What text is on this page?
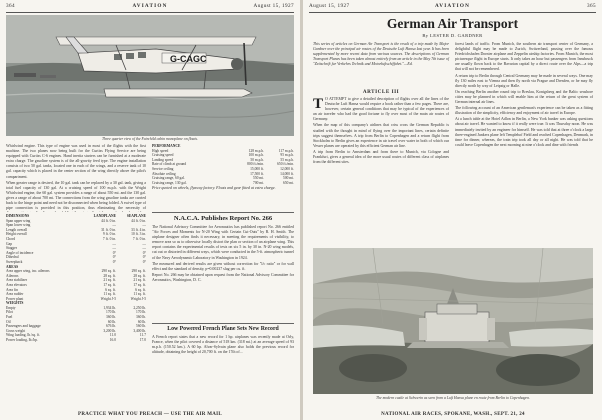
364	AVIATION	August 15, 1927
G-CAGC
Three quarter view of the Fairchild cabin monoplane on floats.

Whirlwind engine. This type of engine was used in most of the flights with the first machine. The two planes now being built for the Curtiss Flying Service are being equipped with Curtiss C-6 engines. Hand inertia starters can be furnished at a moderate extra charge. The gasoline system is of the all-gravity feed type. The engine installation consists of two 50 gal. tanks, located one in each of the wings, and a reserve tank of 10 gal. capacity which is placed in the center section of the wing directly above the pilot's compartment.

When greater range is desired, the 10 gal. tank can be replaced by a 30 gal. tank, giving a total fuel capacity of 130 gal. At a cruising speed of 100 m.p.h. with the Wright Whirlwind engine, the 60 gal. system provides a range of about 550 mi. and the 130 gal. gives a range of about 700 mi. The connections from the wing gasoline tanks are carried back to the hinge point and need not be disconnected when being folded. A swivel type of pipe connection is provided in this position, thus eliminating the necessity of

DIMENSIONS	LANDPLANE	SEAPLANE
Span upper wing	44 ft. 0 in.	44 ft. 0 in.
Span lower wing	—	—
Length overall	31 ft. 0 in.	33 ft. 4 in.
Height overall	9 ft. 0 in.	10 ft. 3 in.
Chord	7 ft. 0 in.	7 ft. 0 in.
Gap	—	—
Stagger	—	—
Angle of incidence	0°	0°
Dihedral	0°	0°
Sweepback	0°	0°
AREAS
Area upper wing, inc. ailerons	290 sq. ft.	290 sq. ft.
Ailerons	28 sq. ft.	28 sq. ft.
Area stabilizer	21 sq. ft.	21 sq. ft.
Area elevators	17 sq. ft.	17 sq. ft.
Area fin	6 sq. ft.	6 sq. ft.
Area rudder	11 sq. ft.	11 sq. ft.
Power plant	Wright J-5	Wright J-5
WEIGHTS
Empty	1,934 lb.	2,250 lb.
Pilot	170 lb.	170 lb.
Fuel	360 lb.	360 lb.
Oil	60 lb.	60 lb.
Passengers and baggage	676 lb.	560 lb.
Gross weight	3,200 lb.	3,400 lb.
Wing loading, lb./sq. ft.	11.0	11.7
Power loading, lb./hp.	16.0	17.0
PERFORMANCE
High speed	128 m.p.h.	117 m.p.h.
Cruising speed	100 m.p.h.	95 m.p.h.
Landing speed	50 m.p.h.	55 m.p.h.
Rate of climb at ground	800 ft./min.	650 ft./min.
Service ceiling	15,000 ft.	12,000 ft.
Absolute ceiling	17,500 ft.	14,000 ft.
Cruising range, 60 gal.	550 mi.	500 mi.
Cruising range, 130 gal.	700 mi.	650 mi.
Price quoted on wheels, flyaway factory. Floats and gear fitted at extra charge.
N.A.C.A. Publishes Report No. 266

The National Advisory Committee for Aeronautics has published report No. 266 entitled "Air Forces and Moments for N-20 Wing with Certain Cut-Outs" by R. H. Smith. The airplane designer often finds it necessary, in meeting the requirements of visibility, to remove area so as to otherwise locally distort the plan or section of an airplane wing. This report contains the experimental results of tests on six 5 in. by 30 in. N-20 wing models, cut out or distorted in different ways, which were conducted in the 5-ft. atmospheric tunnel of the Navy Aerodynamic Laboratory in Washington in 1924.

The measured and derived results are given without correction for "l/c ratio" or for wall effect and the standard of density, p=0.00237 slug per cu. ft.

Report No. 266 may be obtained upon request from the National Advisory Committee for Aeronautics, Washington, D. C.

Low Powered French Plane Sets New Record

A French report states that a new record for 1 hp. airplanes was recently made at Orly, France, when the pilot covered a distance of 518 km. (318 mi.) at an average speed of 93 m.p.h. (150.52 km.). A 60 hp. Alvar-Sylvain plane also holds the previous record for altitude, obtaining the height of 20,700 ft. on the 17th of...

PRACTICE WHAT YOU PREACH — USE THE AIR MAIL
August 15, 1927	AVIATION	365
German Air Transport
By LESTER D. GARDNER
This series of articles on German Air Transport is the result of a trip made by Major Gardner over the principal air routes of the Deutsche Luft Hansa last year. It has been supplemented by more recent data from various sources. The descriptions of German Transport Planes has been taken almost entirely from an article in the May 7th issue of "Zeitschrift fur Verkehrs Technik und Motorluftschiffahrt."—Ed.
ARTICLE III

T O ATTEMPT to give a detailed description of flights over all the lines of the Deutsche Luft Hansa would require a book rather than a few pages. There are, however, certain general conditions that may be typical of the experiences of an air traveler who had the good fortune to fly over most of the main air routes of Germany.

When the map of this company's airlines that criss cross the German Republic is studied with the thought in mind of flying over the important lines, certain definite trips suggest themselves. A trip from Berlin to Copenhagen and a return flight from Stockholm to Berlin gives an experience in air travel over water in both of which our Vesser planes are operated by this efficient German air line.

A trip from Berlin to Amsterdam and from there to Munich, via Cologne and Frankfurt, gives a general idea of the more usual routes of different class of airplanes from the different sites.

forest lands of traffic. From Munich, the southern air transport center of Germany, a delightful flight may be made to Zurich, Switzerland, passing over the famous Friedrichshafen Dornier airplane and Zeppelin airship factories. From Munich, the most picturesque flight in Europe starts. It only takes an hour but passengers from Innsbruck are usually flown back to the Bavarian capital by a direct route over the Alps—a trip that will not be remembered.

A return trip to Berlin through Central Germany may be made in several ways. One may fly 130 miles east to Vienna and then fly north via Prague and Dresden, or he may fly directly north by way of Leipzig or Halle.

On reaching Berlin another round trip to Breslau, Konigsberg and the Baltic seashore cities may be planned in which will enable him at the return of the great system of German internal air lines.

The following account of an American gentleman's experience can be taken as a fitting illustration of the simplicity, efficiency and enjoyment of air travel in Europe.

At a lunch table at the Hotel Adlon in Berlin, a New York banker was asking questions about air travel. He wanted to know if it really were true. It was Thursday noon. He was immediately invited by an engineer for himself. He was told that at three o'clock a large three-engined Junkers plane left Templehof Field and reached Copenhagen, Denmark, in time for dinner, whereas, the train trip took all day or all night. He was told that he could leave Copenhagen the next morning at nine o'clock and dine with friends

The modern castle at Schwerin as seen from a Luft Hansa plane en route from Berlin to Copenhagen.
NATIONAL AIR RACES, SPOKANE, WASH., SEPT. 21, 24
